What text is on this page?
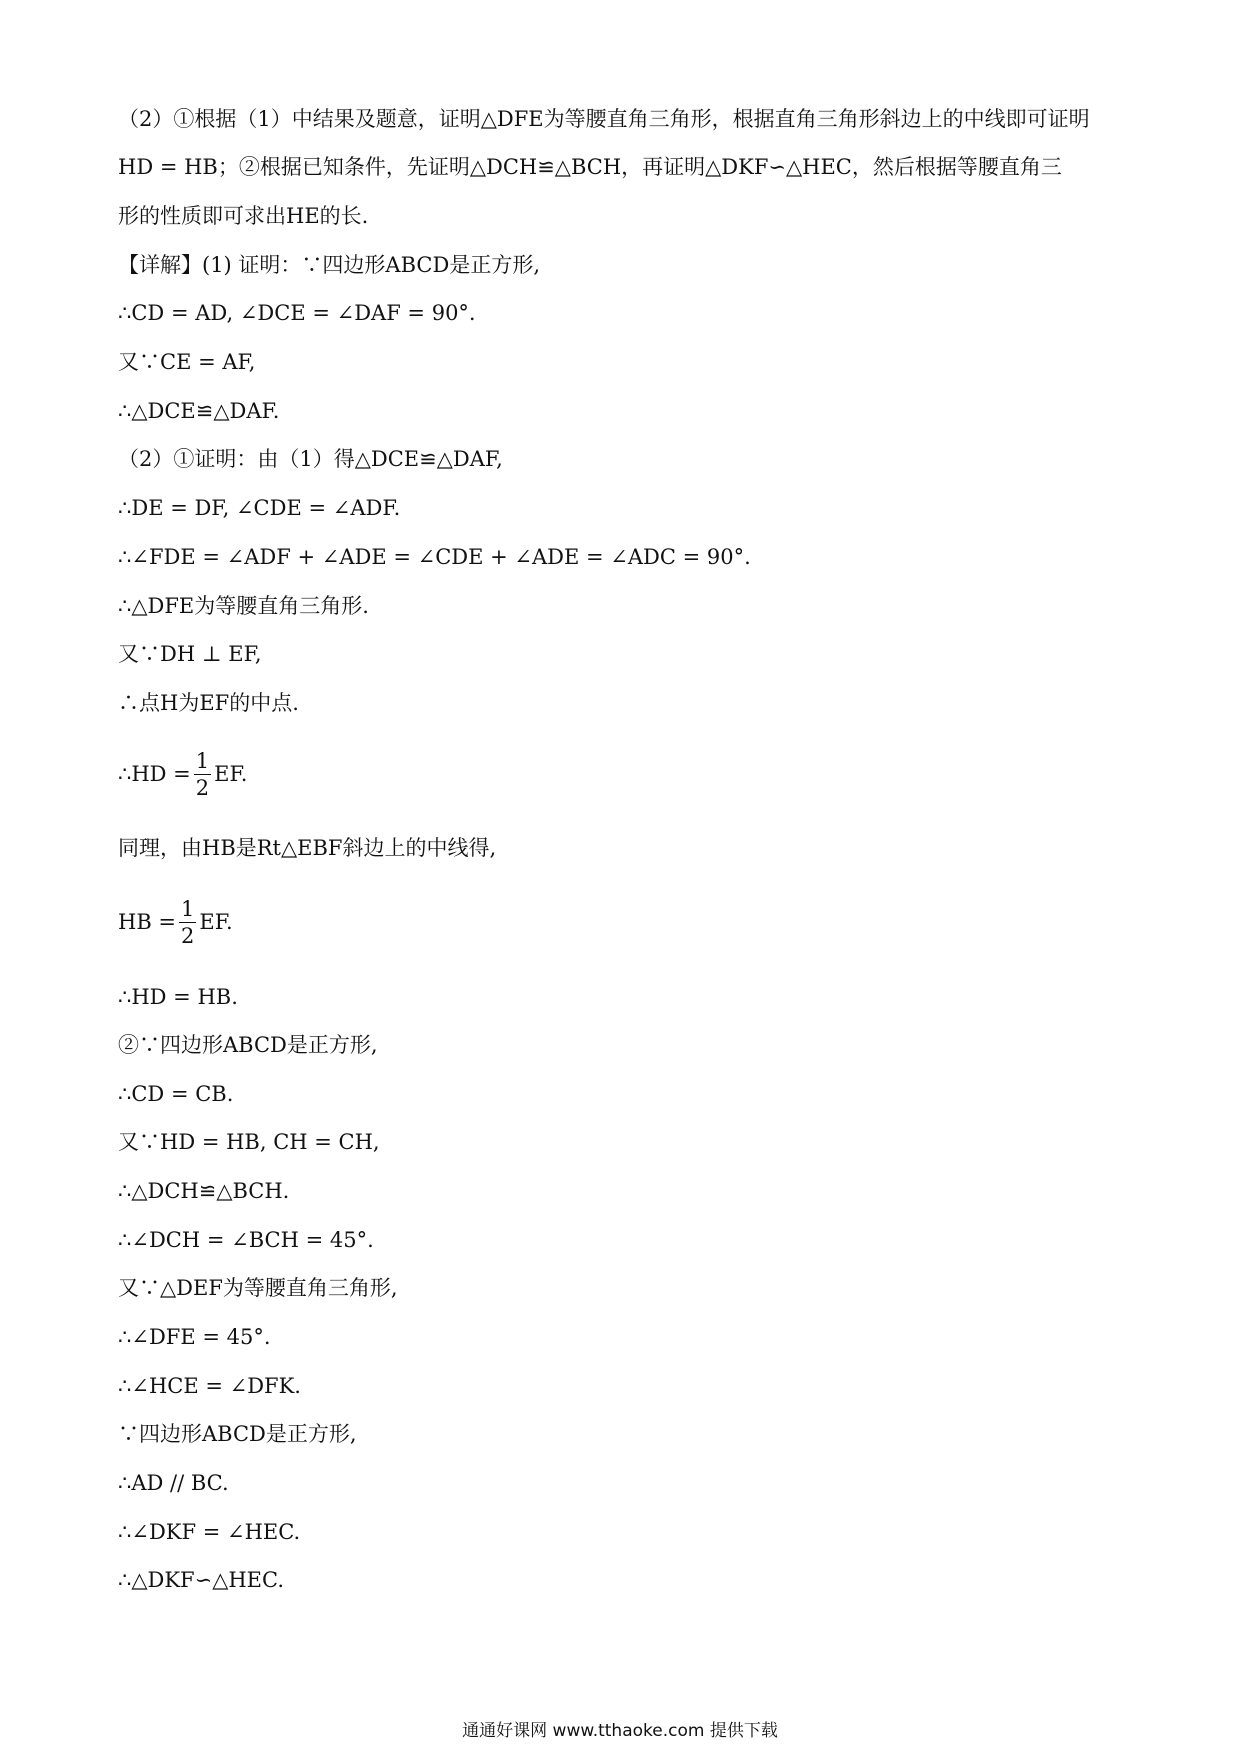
（2）①根据（1）中结果及题意，证明△DFE为等腰直角三角形，根据直角三角形斜边上的中线即可证明
HD = HB；②根据已知条件，先证明△DCH≌△BCH，再证明△DKF∽△HEC，然后根据等腰直角三
形的性质即可求出HE的长.
【详解】(1) 证明：∵四边形ABCD是正方形,
∴CD = AD, ∠DCE = ∠DAF = 90°.
又∵CE = AF,
∴△DCE≌△DAF.
（2）①证明：由（1）得△DCE≌△DAF,
∴DE = DF, ∠CDE = ∠ADF.
∴∠FDE = ∠ADF + ∠ADE = ∠CDE + ∠ADE = ∠ADC = 90°.
∴△DFE为等腰直角三角形.
又∵DH ⊥ EF,
∴点H为EF的中点.
∴HD = $\frac{1}{2}$ EF.
同理，由HB是Rt△EBF斜边上的中线得,
HB = $\frac{1}{2}$ EF.
∴HD = HB.
②∵四边形ABCD是正方形,
∴CD = CB.
又∵HD = HB, CH = CH,
∴△DCH≌△BCH.
∴∠DCH = ∠BCH = 45°.
又∵△DEF为等腰直角三角形,
∴∠DFE = 45°.
∴∠HCE = ∠DFK.
∵四边形ABCD是正方形,
∴AD // BC.
∴∠DKF = ∠HEC.
∴△DKF∽△HEC.
通通好课网 www.tthaoke.com 提供下载
